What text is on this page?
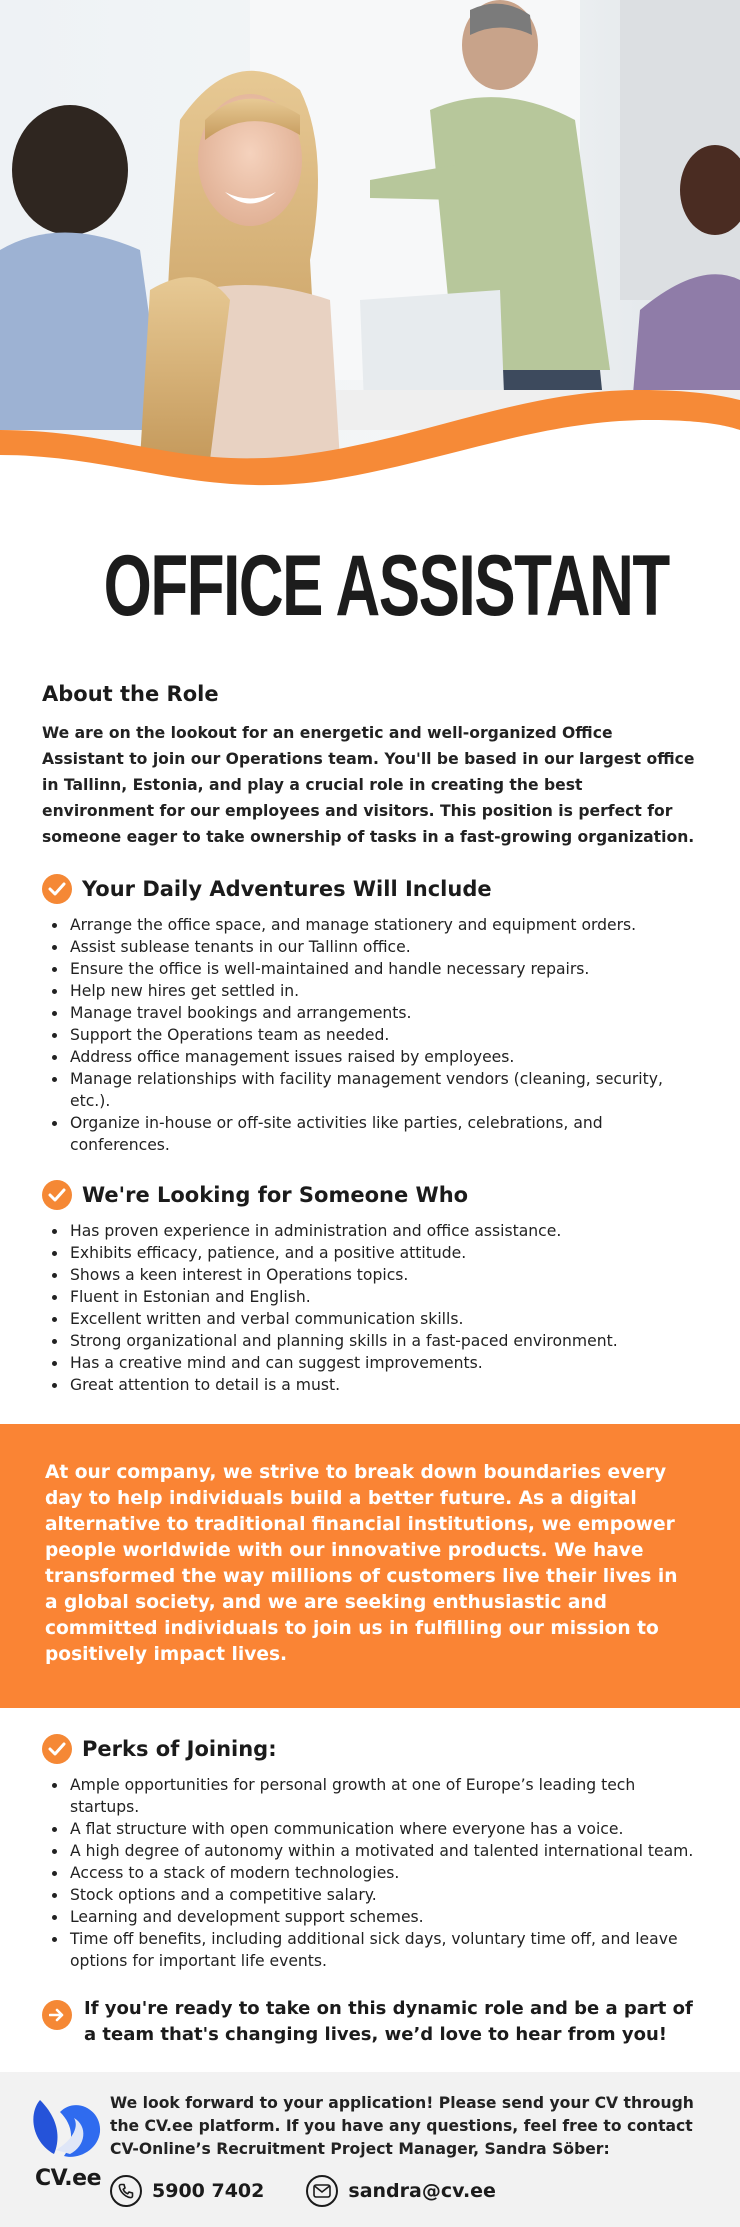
OFFICE ASSISTANT
About the Role

We are on the lookout for an energetic and well-organized Office Assistant to join our Operations team. You'll be based in our largest office in Tallinn, Estonia, and play a crucial role in creating the best environment for our employees and visitors. This position is perfect for someone eager to take ownership of tasks in a fast-growing organization.

Your Daily Adventures Will Include
Arrange the office space, and manage stationery and equipment orders.
Assist sublease tenants in our Tallinn office.
Ensure the office is well-maintained and handle necessary repairs.
Help new hires get settled in.
Manage travel bookings and arrangements.
Support the Operations team as needed.
Address office management issues raised by employees.
Manage relationships with facility management vendors (cleaning, security, etc.).
Organize in-house or off-site activities like parties, celebrations, and conferences.
We're Looking for Someone Who
Has proven experience in administration and office assistance.
Exhibits efficacy, patience, and a positive attitude.
Shows a keen interest in Operations topics.
Fluent in Estonian and English.
Excellent written and verbal communication skills.
Strong organizational and planning skills in a fast-paced environment.
Has a creative mind and can suggest improvements.
Great attention to detail is a must.

At our company, we strive to break down boundaries every day to help individuals build a better future. As a digital alternative to traditional financial institutions, we empower people worldwide with our innovative products. We have transformed the way millions of customers live their lives in a global society, and we are seeking enthusiastic and committed individuals to join us in fulfilling our mission to positively impact lives.

Perks of Joining:
Ample opportunities for personal growth at one of Europe’s leading tech startups.
A flat structure with open communication where everyone has a voice.
A high degree of autonomy within a motivated and talented international team.
Access to a stack of modern technologies.
Stock options and a competitive salary.
Learning and development support schemes.
Time off benefits, including additional sick days, voluntary time off, and leave options for important life events.

If you're ready to take on this dynamic role and be a part of a team that's changing lives, we’d love to hear from you!

CV.ee

We look forward to your application! Please send your CV through the CV.ee platform. If you have any questions, feel free to contact CV-Online’s Recruitment Project Manager, Sandra Söber:

5900 7402	sandra@cv.ee
